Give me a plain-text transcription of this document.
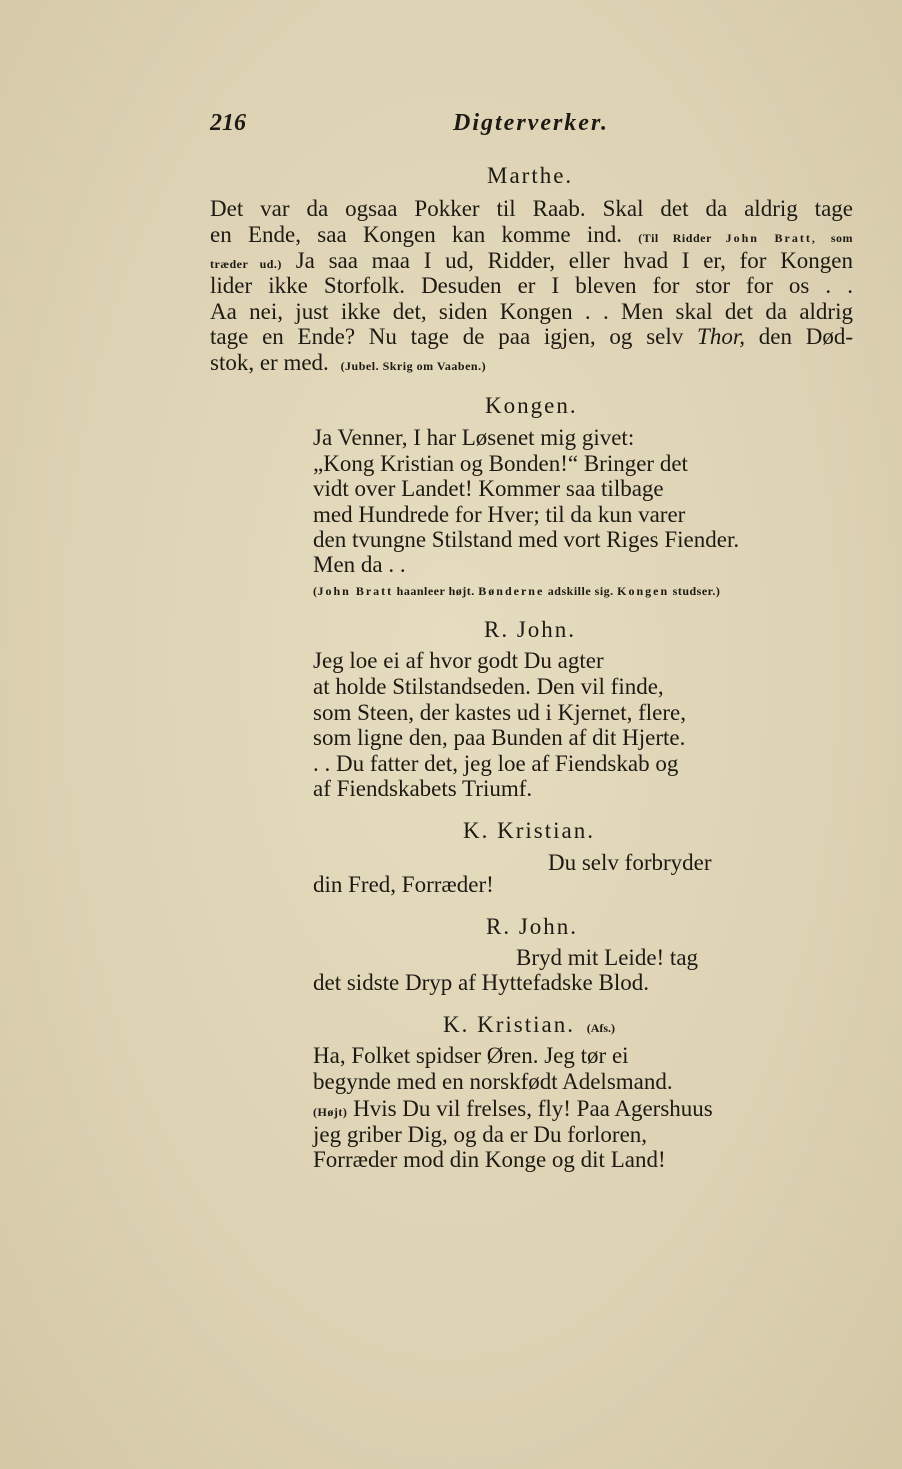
216	Digterverker.
Marthe.
Det var da ogsaa Pokker til Raab. Skal det da aldrig tage
en Ende, saa Kongen kan komme ind. (Til Ridder John Bratt, som
træder ud.) Ja saa maa I ud, Ridder, eller hvad I er, for Kongen
lider ikke Storfolk. Desuden er I bleven for stor for os . .
Aa nei, just ikke det, siden Kongen . . Men skal det da aldrig
tage en Ende? Nu tage de paa igjen, og selv Thor, den Død-
stok, er med. (Jubel. Skrig om Vaaben.)
Kongen.
Ja Venner, I har Løsenet mig givet:
„Kong Kristian og Bonden!“ Bringer det
vidt over Landet! Kommer saa tilbage
med Hundrede for Hver; til da kun varer
den tvungne Stilstand med vort Riges Fiender.
Men da . .
(John Bratt haanleer højt. Bønderne adskille sig. Kongen studser.)
R. John.
Jeg loe ei af hvor godt Du agter
at holde Stilstandseden. Den vil finde,
som Steen, der kastes ud i Kjernet, flere,
som ligne den, paa Bunden af dit Hjerte.
. . Du fatter det, jeg loe af Fiendskab og
af Fiendskabets Triumf.
K. Kristian.
Du selv forbryder
din Fred, Forræder!
R. John.
Bryd mit Leide! tag
det sidste Dryp af Hyttefadske Blod.
K. Kristian. (Afs.)
Ha, Folket spidser Øren. Jeg tør ei
begynde med en norskfødt Adelsmand.
(Højt) Hvis Du vil frelses, fly! Paa Agershuus
jeg griber Dig, og da er Du forloren,
Forræder mod din Konge og dit Land!
